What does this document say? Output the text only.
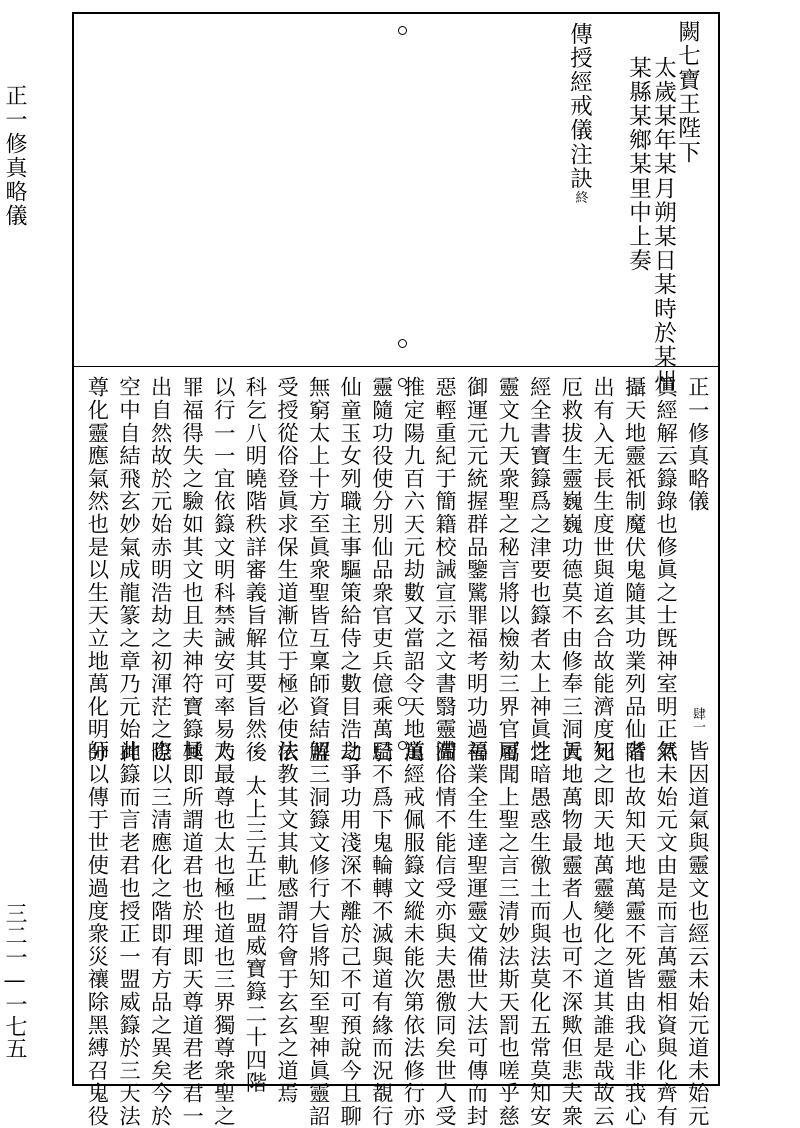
正一修真略儀
三二一—一七五
闕七寶王陛下
太歲某年某月朔某日某時於某州
某縣某鄉某里中上奏
傳授經戒儀注訣終
肆一
正一修真略儀
眞經解云籙錄也修眞之士旣神室明正然
攝天地靈祇制魔伏鬼隨其功業列品仙階
出有入无長生度世與道玄合故能濟度死
厄救拔生靈巍巍功德莫不由修奉三洞眞
經全書寶籙爲之津要也籙者太上神眞之
靈文九天衆聖之秘言將以檢劾三界官屬
御運元元統握群品鑒騭罪福考明功過善
惡輕重紀于簡籍校誡宣示之文書翳靈圖
推定陽九百六天元劫數又當詔令天地萬
靈隨功役使分別仙品衆官吏兵億乘萬騎
仙童玉女列職主事驅策給侍之數目浩劫
無窮太上十方至眞衆聖皆互稟師資結盟
受授從俗登眞求保生道漸位于極必使依
科乞八明曉階秩詳審義旨解其要旨然後
以行一一宜依籙文明科禁誡安可率易乃
罪福得失之驗如其文也且夫神符寶籙其
出自然故於元始赤明浩劫之初渾茫之際
空中自結飛玄妙氣成龍篆之章乃元始神
尊化靈應氣然也是以生天立地萬化明分
皆因道氣與靈文也經云未始元道未始元
氣未始元文由是而言萬靈相資與化齊有
者也故知天地萬靈不死皆由我心非我心
知之即天地萬靈變化之道其誰是哉故云
天地萬物最靈者人也可不深歟但悲夫衆
性暗愚惑生徼土而與法莫化五常莫知安
可聞上聖之言三清妙法斯天罰也嗟乎慈
福業全生達聖運靈文備世大法可傳而封
滯俗情不能信受亦與夫愚徼同矣世人受
道經戒佩服籙文縱未能次第依法修行亦
已不爲下鬼輪轉不滅與道有緣而況覩行
之爭功用淺深不離於己不可預說今且聊
解三洞籙文修行大旨將知至聖神眞靈詔
法教其文其軌感謂符會于玄玄之道焉
太上三五正一盟威寶籙二十四階
太最尊也太也極也道也三界獨尊衆聖之
極即所謂道君也於理即天尊道君老君一
也以三清應化之階即有方品之異矣今於
此籙而言老君也授正一盟威籙於三天法
師以傳于世使過度衆災禳除黑縛召鬼役
